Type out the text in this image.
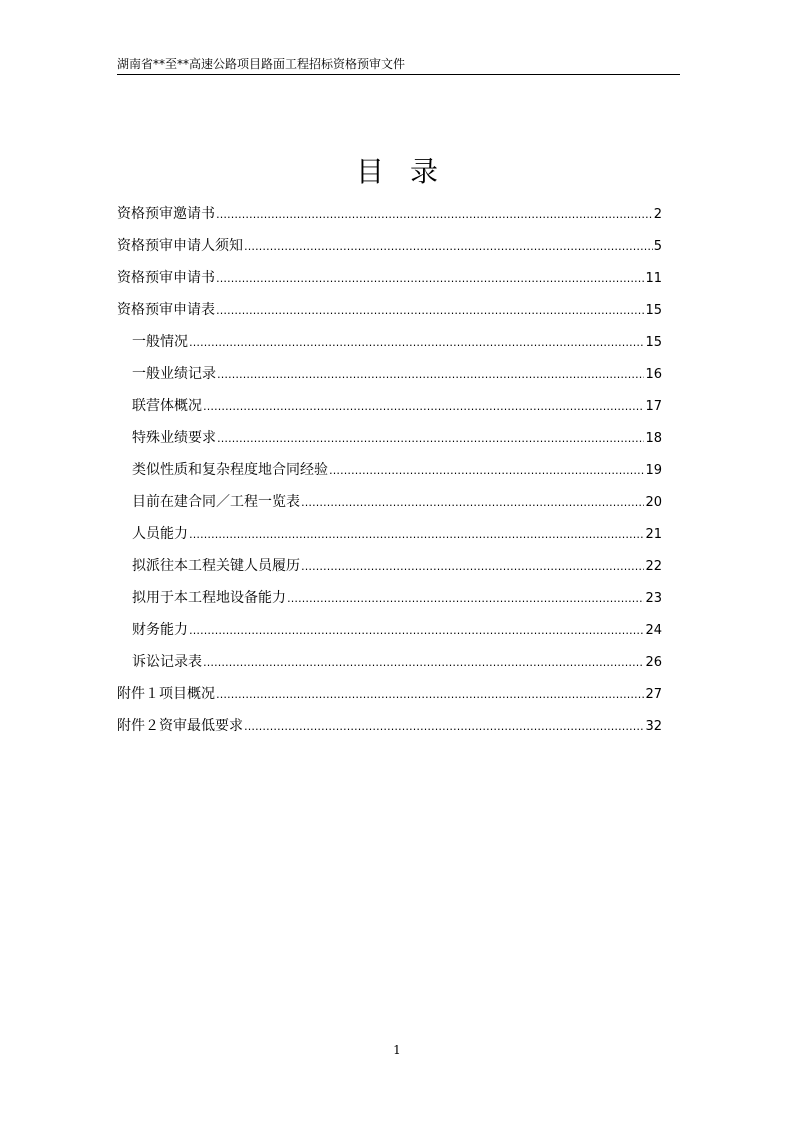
湖南省**至**高速公路项目路面工程招标资格预审文件
目录
资格预审邀请书 ……………………………………………………………………………………………………………………………………………………………………………………	2
资格预审申请人须知 ……………………………………………………………………………………………………………………………………………………………………………………	5
资格预审申请书 ……………………………………………………………………………………………………………………………………………………………………………………	11
资格预审申请表 ……………………………………………………………………………………………………………………………………………………………………………………	15
一般情况 ……………………………………………………………………………………………………………………………………………………………………………………	15
一般业绩记录 ……………………………………………………………………………………………………………………………………………………………………………………	16
联营体概况 ……………………………………………………………………………………………………………………………………………………………………………………	17
特殊业绩要求 ……………………………………………………………………………………………………………………………………………………………………………………	18
类似性质和复杂程度地合同经验 ……………………………………………………………………………………………………………………………………………………………………………………	19
目前在建合同／工程一览表 ……………………………………………………………………………………………………………………………………………………………………………………	20
人员能力 ……………………………………………………………………………………………………………………………………………………………………………………	21
拟派往本工程关键人员履历 ……………………………………………………………………………………………………………………………………………………………………………………	22
拟用于本工程地设备能力 ……………………………………………………………………………………………………………………………………………………………………………………	23
财务能力 ……………………………………………………………………………………………………………………………………………………………………………………	24
诉讼记录表 ……………………………………………………………………………………………………………………………………………………………………………………	26
附件１项目概况 ……………………………………………………………………………………………………………………………………………………………………………………	27
附件２资审最低要求 ……………………………………………………………………………………………………………………………………………………………………………………	32
1
